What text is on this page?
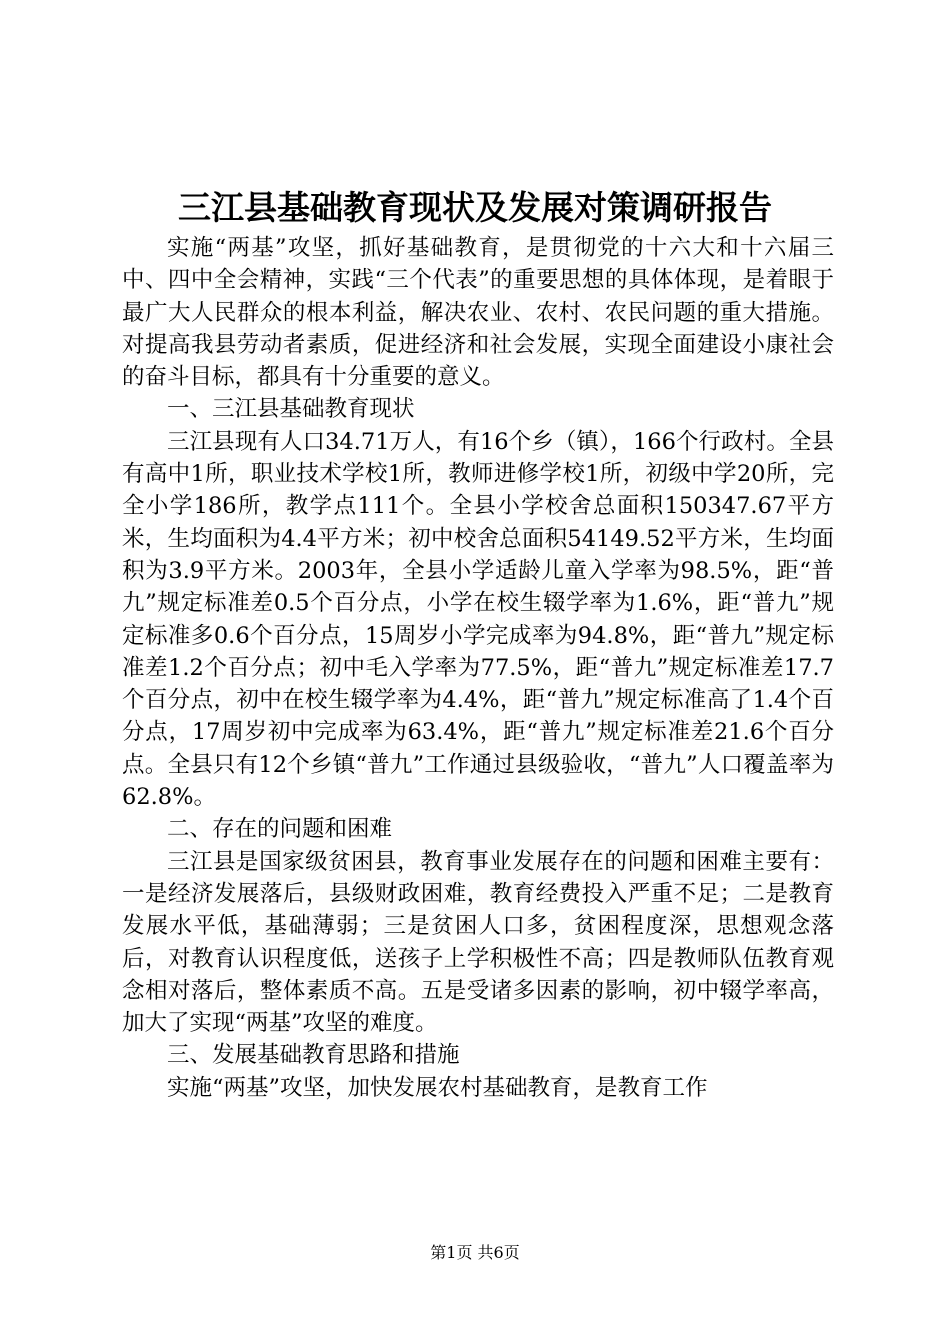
三江县基础教育现状及发展对策调研报告

实施“两基”攻坚，抓好基础教育，是贯彻党的十六大和十六届三中、四中全会精神，实践“三个代表”的重要思想的具体体现，是着眼于最广大人民群众的根本利益，解决农业、农村、农民问题的重大措施。对提高我县劳动者素质，促进经济和社会发展，实现全面建设小康社会的奋斗目标，都具有十分重要的意义。

一、三江县基础教育现状

三江县现有人口34.71万人，有16个乡（镇），166个行政村。全县有高中1所，职业技术学校1所，教师进修学校1所，初级中学20所，完全小学186所，教学点111个。全县小学校舍总面积150347.67平方米，生均面积为4.4平方米；初中校舍总面积54149.52平方米，生均面积为3.9平方米。2003年，全县小学适龄儿童入学率为98.5%，距“普九”规定标准差0.5个百分点，小学在校生辍学率为1.6%，距“普九”规定标准多0.6个百分点，15周岁小学完成率为94.8%，距“普九”规定标准差1.2个百分点；初中毛入学率为77.5%，距“普九”规定标准差17.7个百分点，初中在校生辍学率为4.4%，距“普九”规定标准高了1.4个百分点，17周岁初中完成率为63.4%，距“普九”规定标准差21.6个百分点。全县只有12个乡镇“普九”工作通过县级验收，“普九”人口覆盖率为62.8%。

二、存在的问题和困难

三江县是国家级贫困县，教育事业发展存在的问题和困难主要有：一是经济发展落后，县级财政困难，教育经费投入严重不足；二是教育发展水平低，基础薄弱；三是贫困人口多，贫困程度深，思想观念落后，对教育认识程度低，送孩子上学积极性不高；四是教师队伍教育观念相对落后，整体素质不高。五是受诸多因素的影响，初中辍学率高，加大了实现“两基”攻坚的难度。

三、发展基础教育思路和措施

实施“两基”攻坚，加快发展农村基础教育，是教育工作

第1页 共6页
